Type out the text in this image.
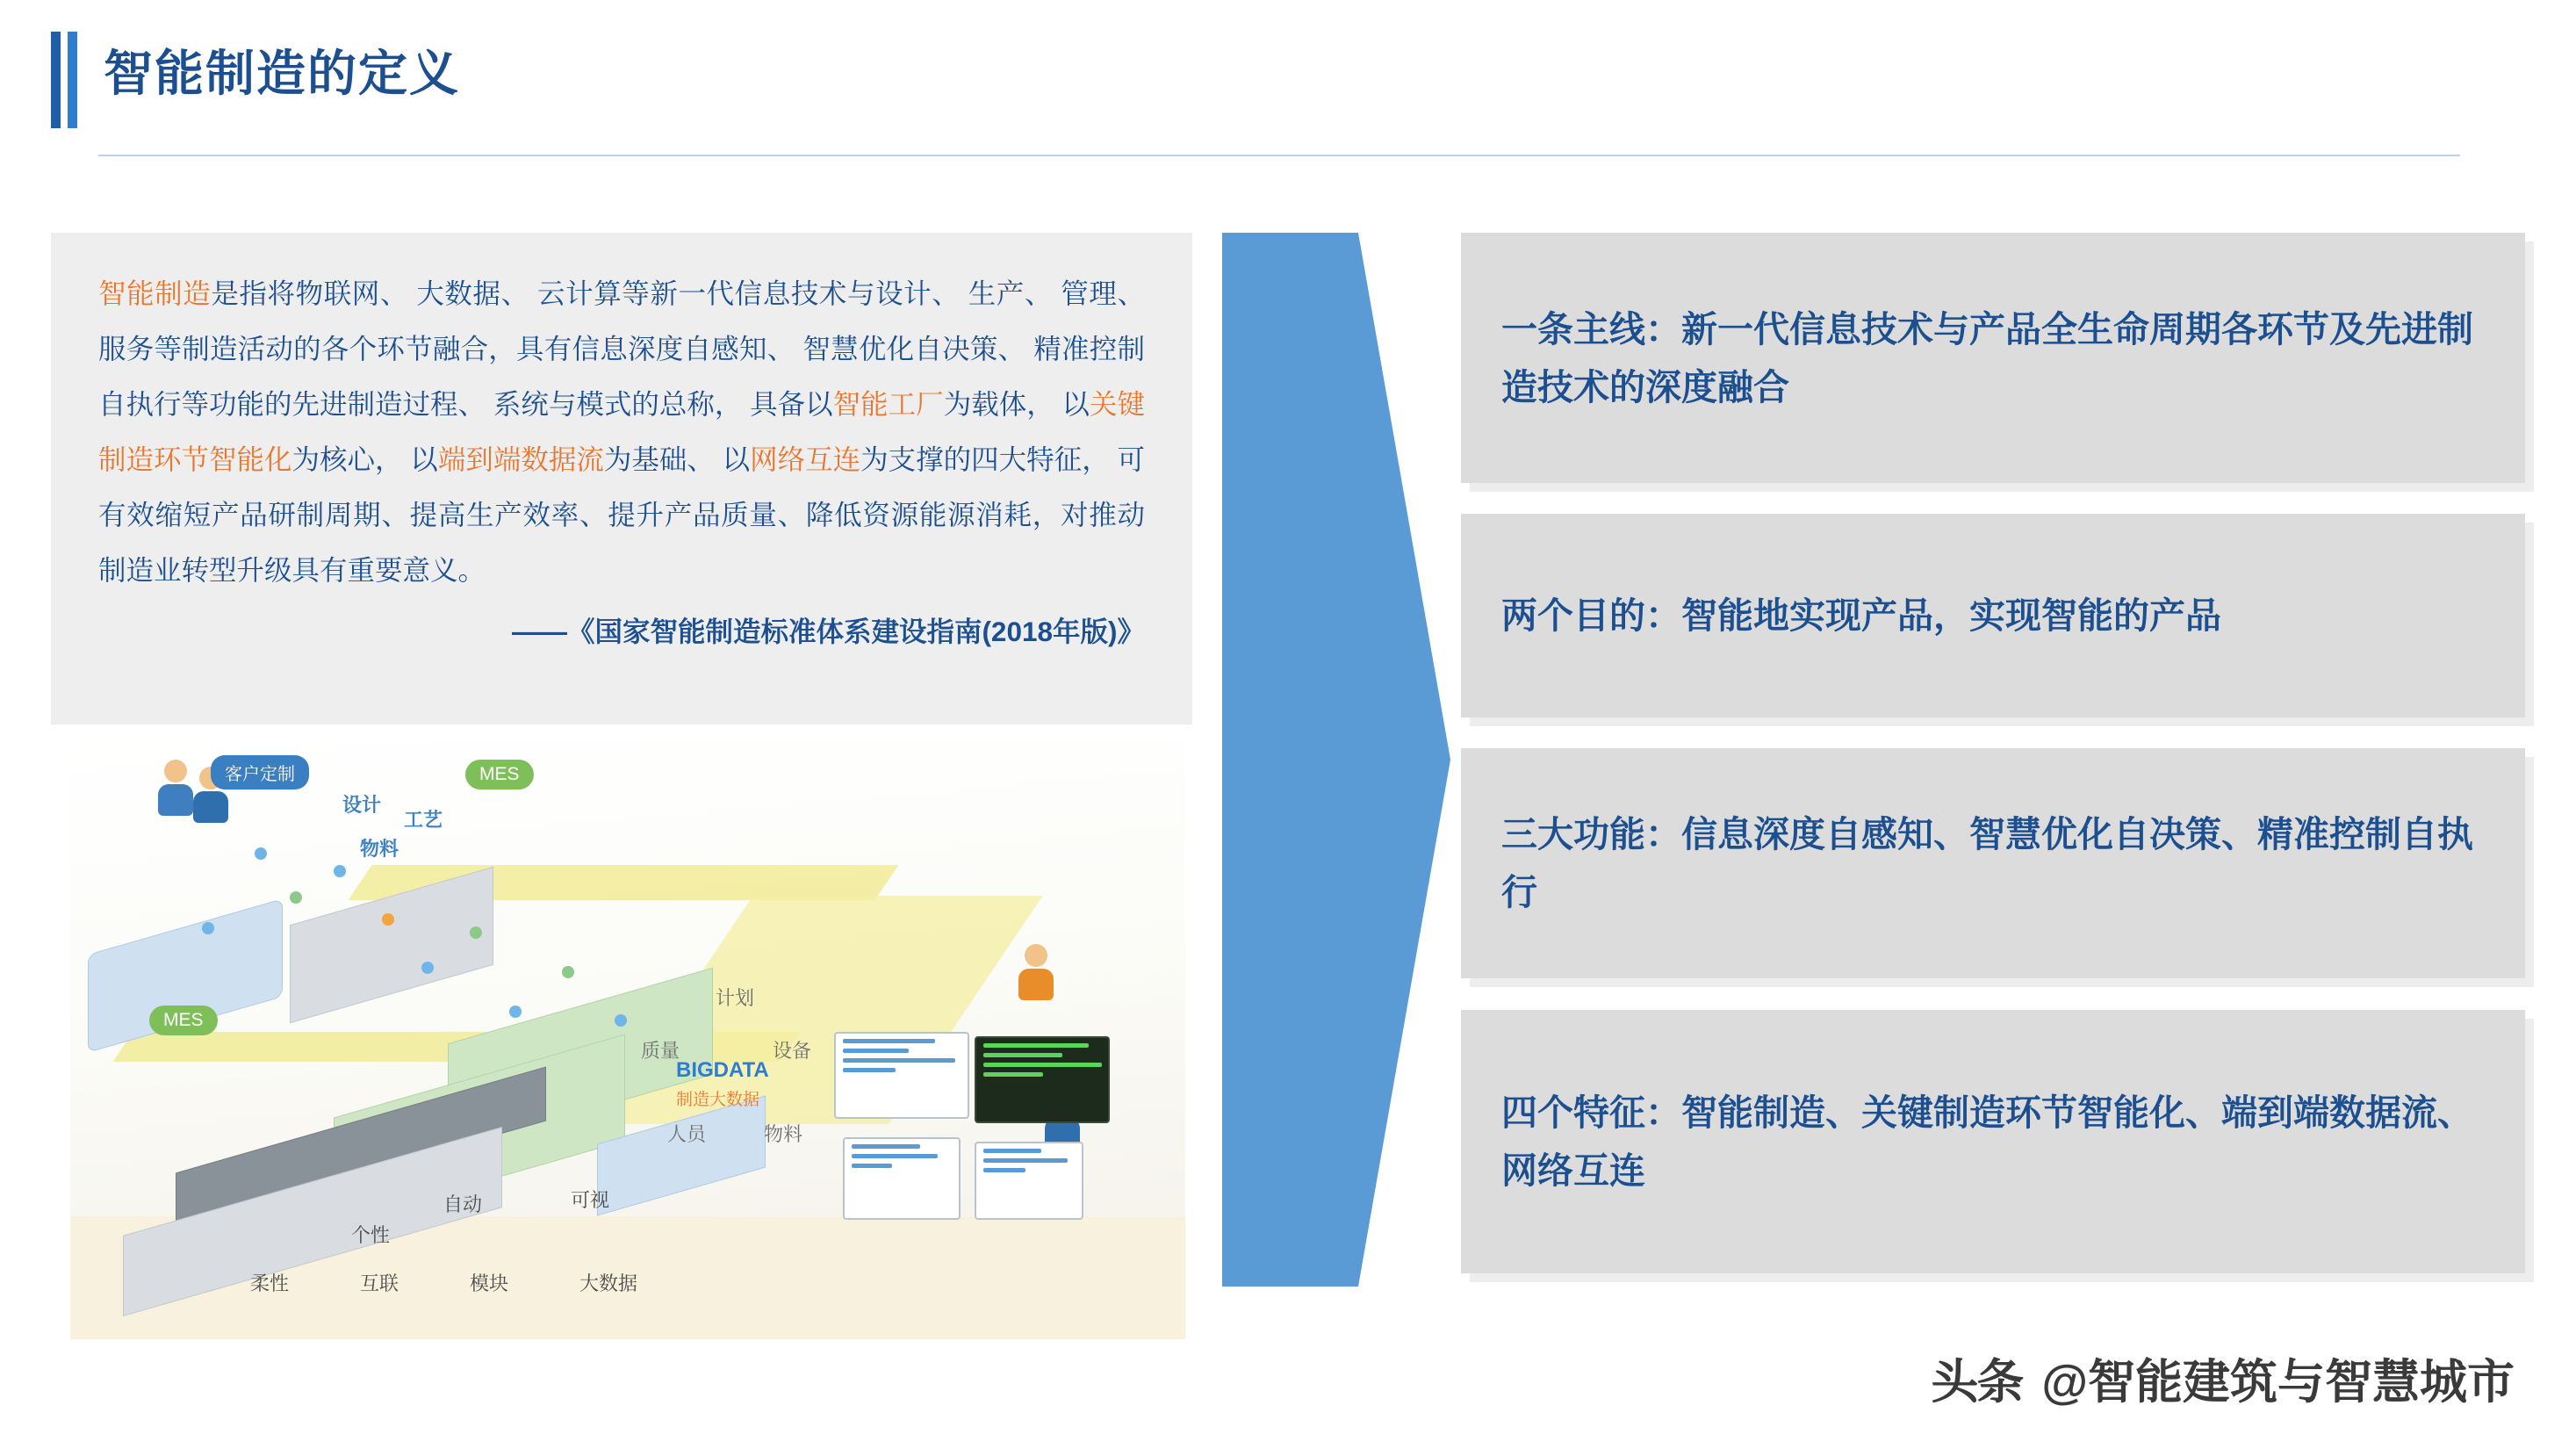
智能制造的定义
智能制造是指将物联网、 大数据、 云计算等新一代信息技术与设计、 生产、 管理、 服务等制造活动的各个环节融合，具有信息深度自感知、 智慧优化自决策、 精准控制自执行等功能的先进制造过程、 系统与模式的总称， 具备以智能工厂为载体， 以关键制造环节智能化为核心， 以端到端数据流为基础、 以网络互连为支撑的四大特征， 可有效缩短产品研制周期、提高生产效率、提升产品质量、降低资源能源消耗，对推动制造业转型升级具有重要意义。
——《国家智能制造标准体系建设指南(2018年版)》
客户定制	MES
MES
设计
工艺
物料
计划
质量	设备
BIGDATA
制造大数据
人员	物料
自动	可视
个性
柔性	互联	模块	大数据
一条主线：新一代信息技术与产品全生命周期各环节及先进制造技术的深度融合
两个目的：智能地实现产品，实现智能的产品
三大功能：信息深度自感知、智慧优化自决策、精准控制自执行
四个特征：智能制造、关键制造环节智能化、端到端数据流、网络互连
头条 @智能建筑与智慧城市
